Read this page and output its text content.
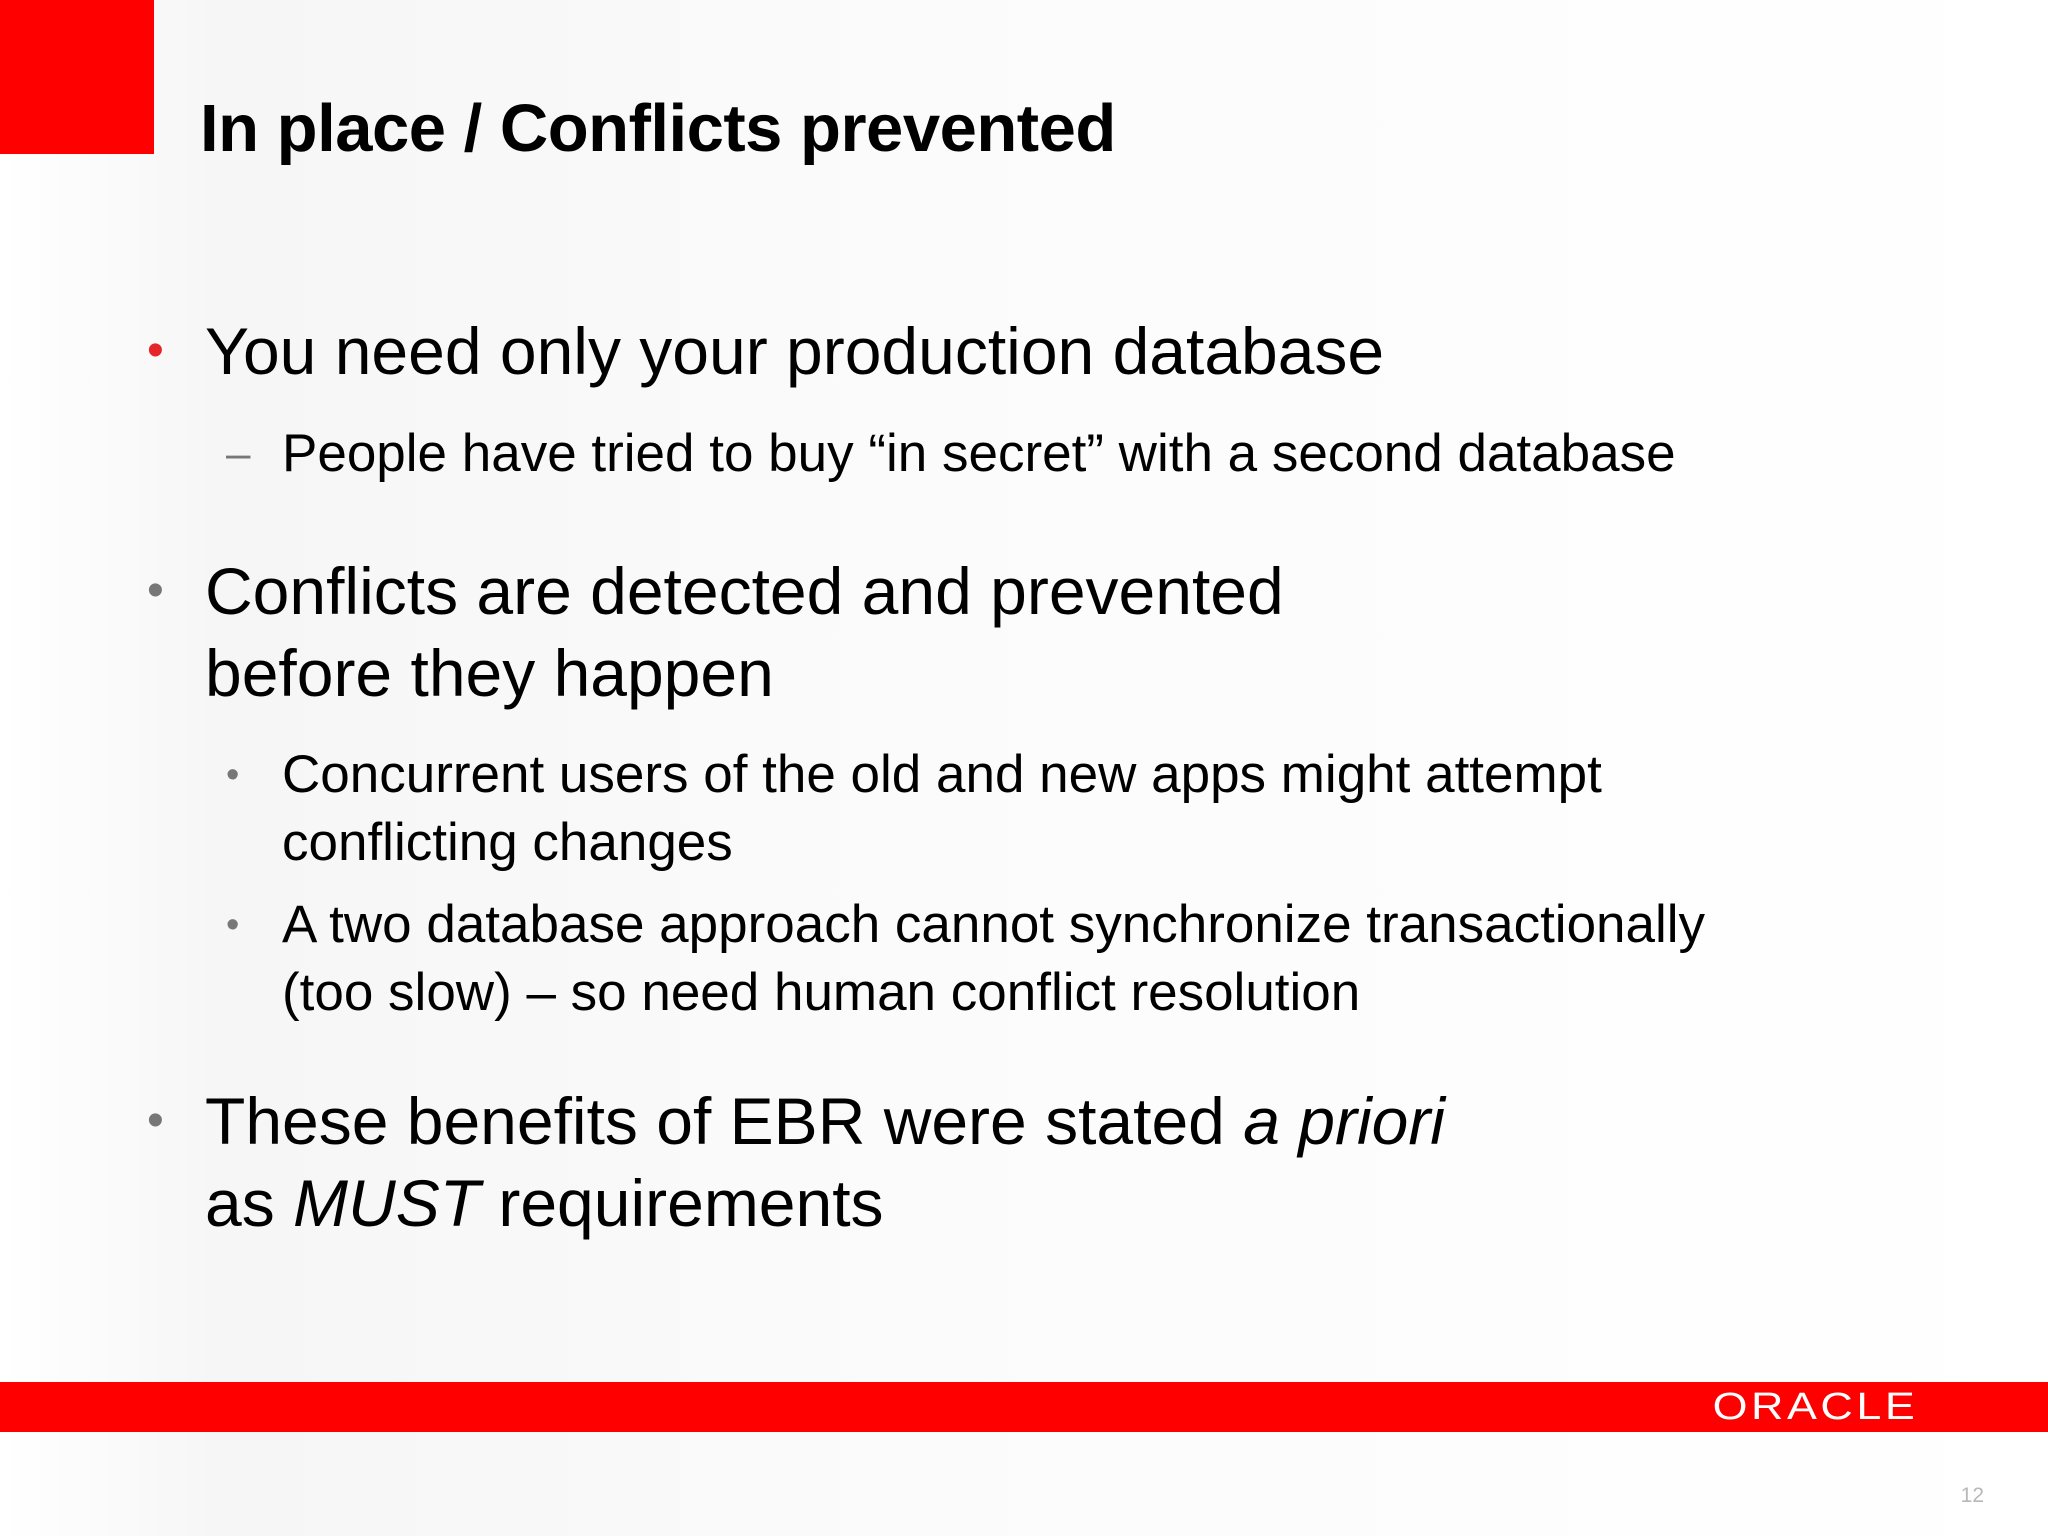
In place / Conflicts prevented
• You need only your production database
– People have tried to buy “in secret” with a second database
• Conflicts are detected and prevented
before they happen
• Concurrent users of the old and new apps might attempt
conflicting changes
• A two database approach cannot synchronize transactionally
(too slow) – so need human conflict resolution
• These benefits of EBR were stated a priori
as MUST requirements
ORACLE
12
